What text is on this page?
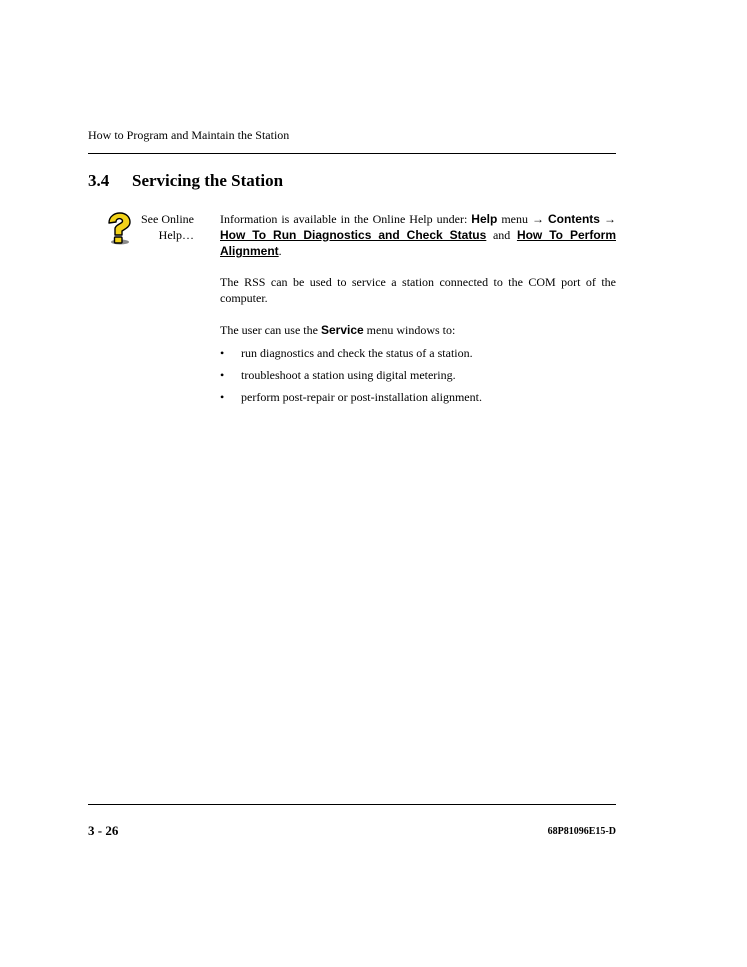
How to Program and Maintain the Station
3.4 Servicing the Station
See Online
Help…
Information is available in the Online Help under: Help menu → Contents → How To Run Diagnostics and Check Status and How To Perform Alignment.
The RSS can be used to service a station connected to the COM port of the computer.
The user can use the Service menu windows to:
• run diagnostics and check the status of a station.
• troubleshoot a station using digital metering.
• perform post-repair or post-installation alignment.
3 - 26	68P81096E15-D
